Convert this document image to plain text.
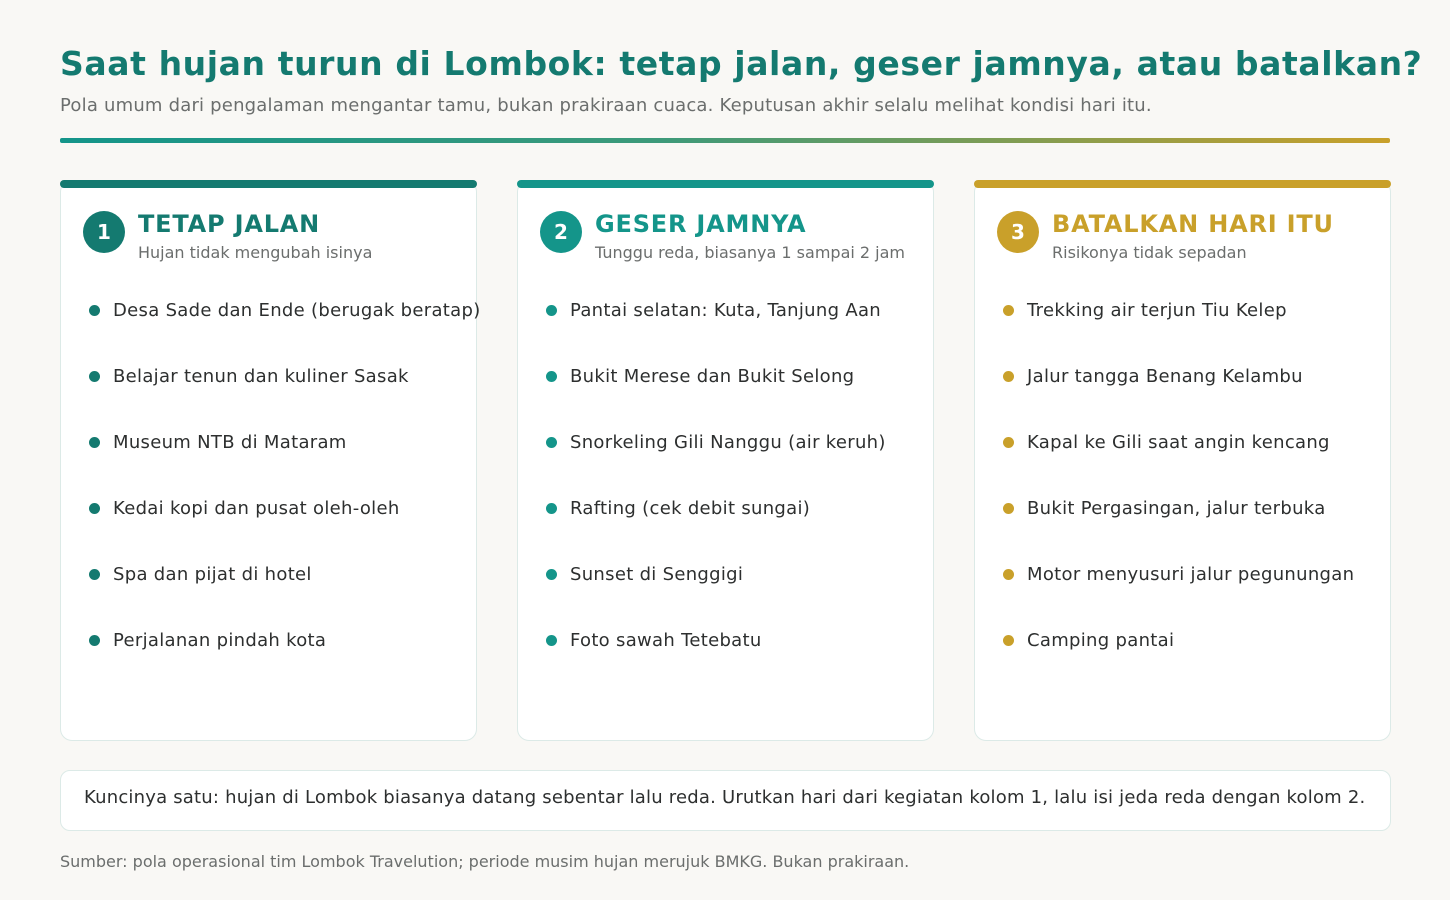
Saat hujan turun di Lombok: tetap jalan, geser jamnya, atau batalkan?
Pola umum dari pengalaman mengantar tamu, bukan prakiraan cuaca. Keputusan akhir selalu melihat kondisi hari itu.
1	TETAP JALAN
Hujan tidak mengubah isinya
Desa Sade dan Ende (berugak beratap)
Belajar tenun dan kuliner Sasak
Museum NTB di Mataram
Kedai kopi dan pusat oleh-oleh
Spa dan pijat di hotel
Perjalanan pindah kota
2	GESER JAMNYA
Tunggu reda, biasanya 1 sampai 2 jam
Pantai selatan: Kuta, Tanjung Aan
Bukit Merese dan Bukit Selong
Snorkeling Gili Nanggu (air keruh)
Rafting (cek debit sungai)
Sunset di Senggigi
Foto sawah Tetebatu
3	BATALKAN HARI ITU
Risikonya tidak sepadan
Trekking air terjun Tiu Kelep
Jalur tangga Benang Kelambu
Kapal ke Gili saat angin kencang
Bukit Pergasingan, jalur terbuka
Motor menyusuri jalur pegunungan
Camping pantai
Kuncinya satu: hujan di Lombok biasanya datang sebentar lalu reda. Urutkan hari dari kegiatan kolom 1, lalu isi jeda reda dengan kolom 2.
Sumber: pola operasional tim Lombok Travelution; periode musim hujan merujuk BMKG. Bukan prakiraan.
